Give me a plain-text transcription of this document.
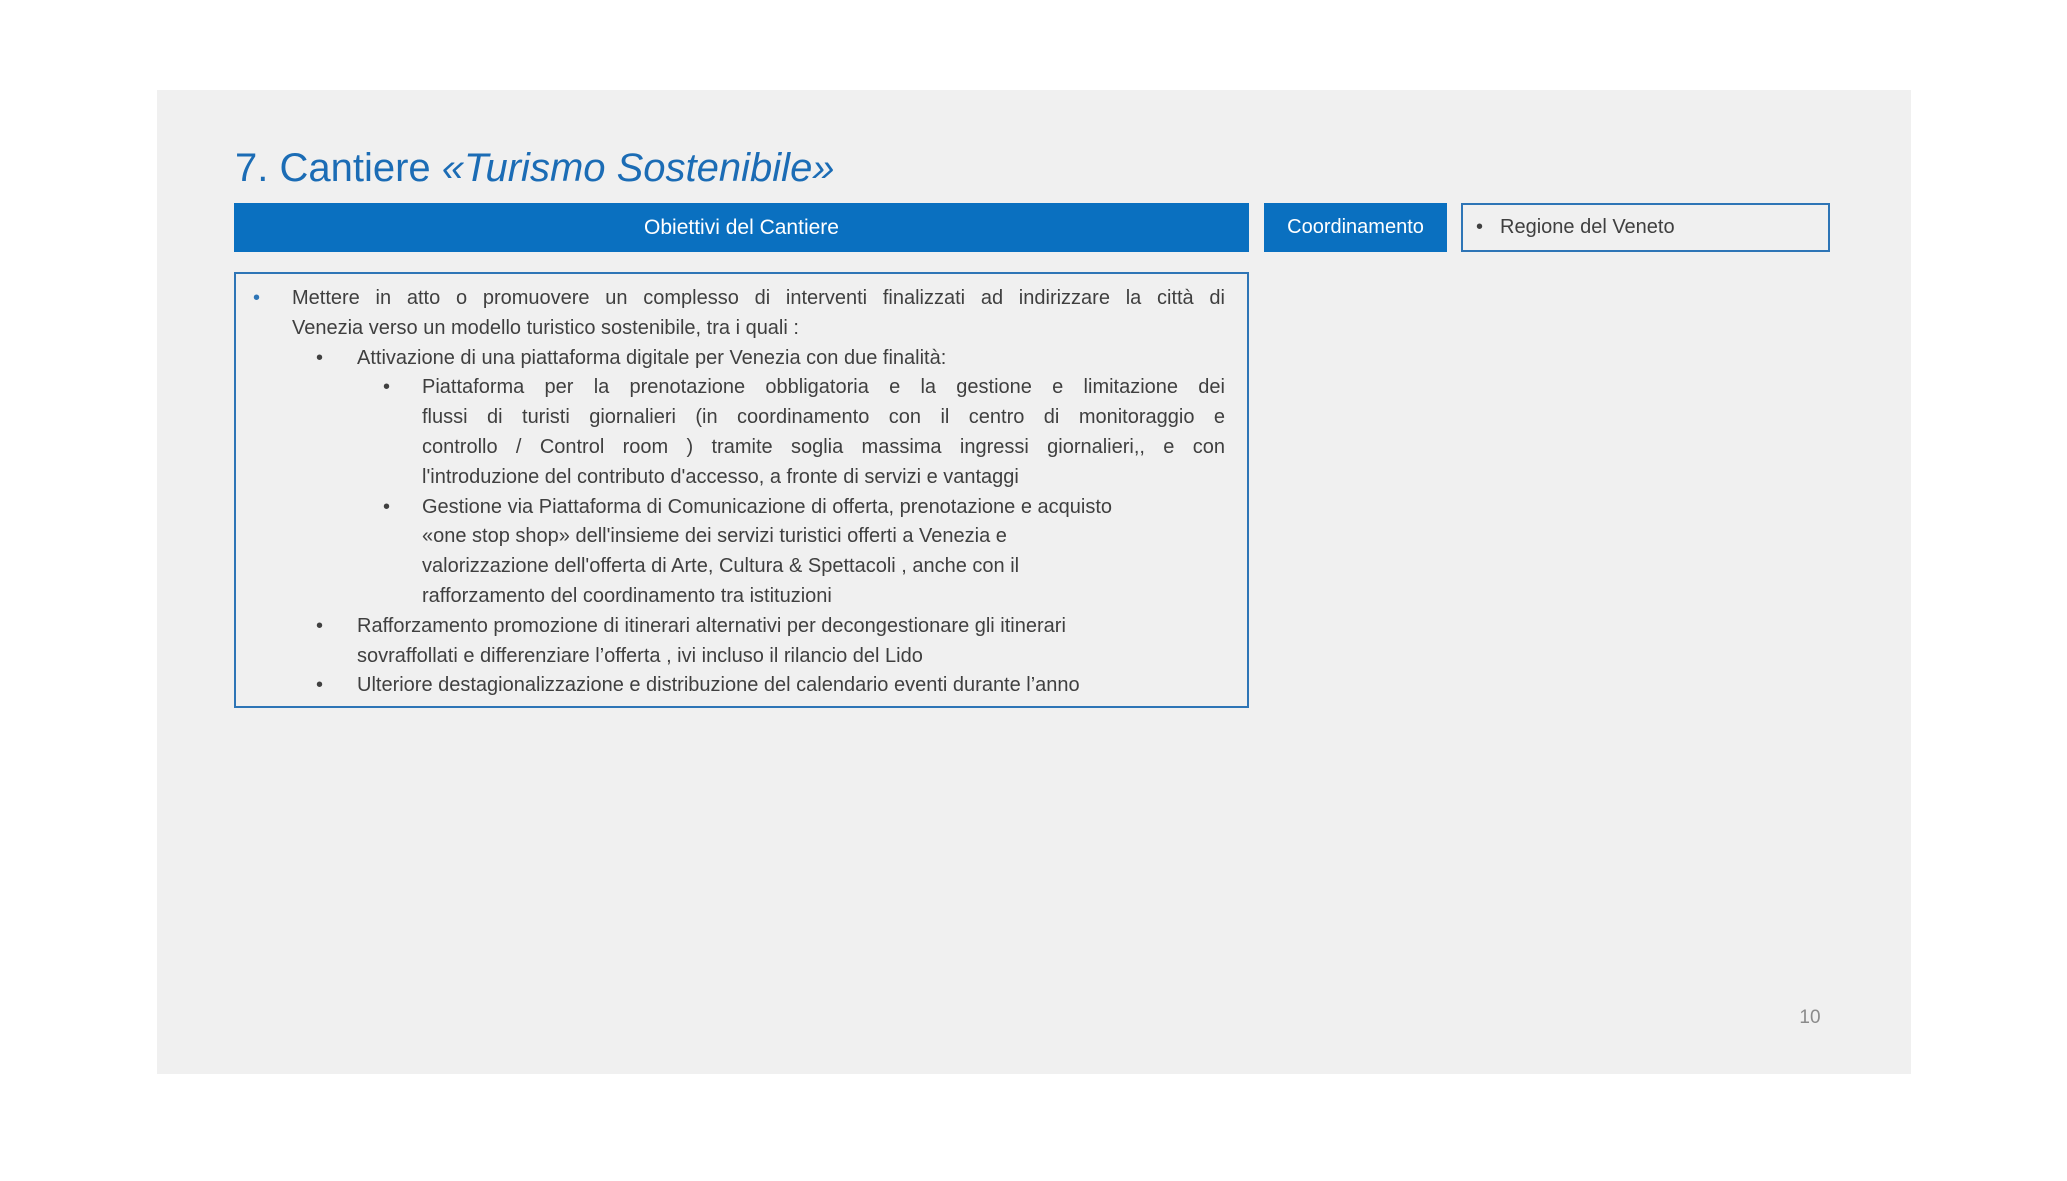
7. Cantiere «Turismo Sostenibile»
Obiettivi del Cantiere	Coordinamento	• Regione del Veneto
• Mettere in atto o promuovere un complesso di interventi finalizzati ad indirizzare la città di
Venezia verso un modello turistico sostenibile, tra i quali :
• Attivazione di una piattaforma digitale per Venezia con due finalità:
• Piattaforma per la prenotazione obbligatoria e la gestione e limitazione dei
flussi di turisti giornalieri (in coordinamento con il centro di monitoraggio e
controllo / Control room ) tramite soglia massima ingressi giornalieri,, e con
l'introduzione del contributo d'accesso, a fronte di servizi e vantaggi
• Gestione via Piattaforma di Comunicazione di offerta, prenotazione e acquisto
«one stop shop» dell'insieme dei servizi turistici offerti a Venezia e
valorizzazione dell'offerta di Arte, Cultura & Spettacoli , anche con il
rafforzamento del coordinamento tra istituzioni
• Rafforzamento promozione di itinerari alternativi per decongestionare gli itinerari
sovraffollati e differenziare l’offerta , ivi incluso il rilancio del Lido
• Ulteriore destagionalizzazione e distribuzione del calendario eventi durante l’anno
10
